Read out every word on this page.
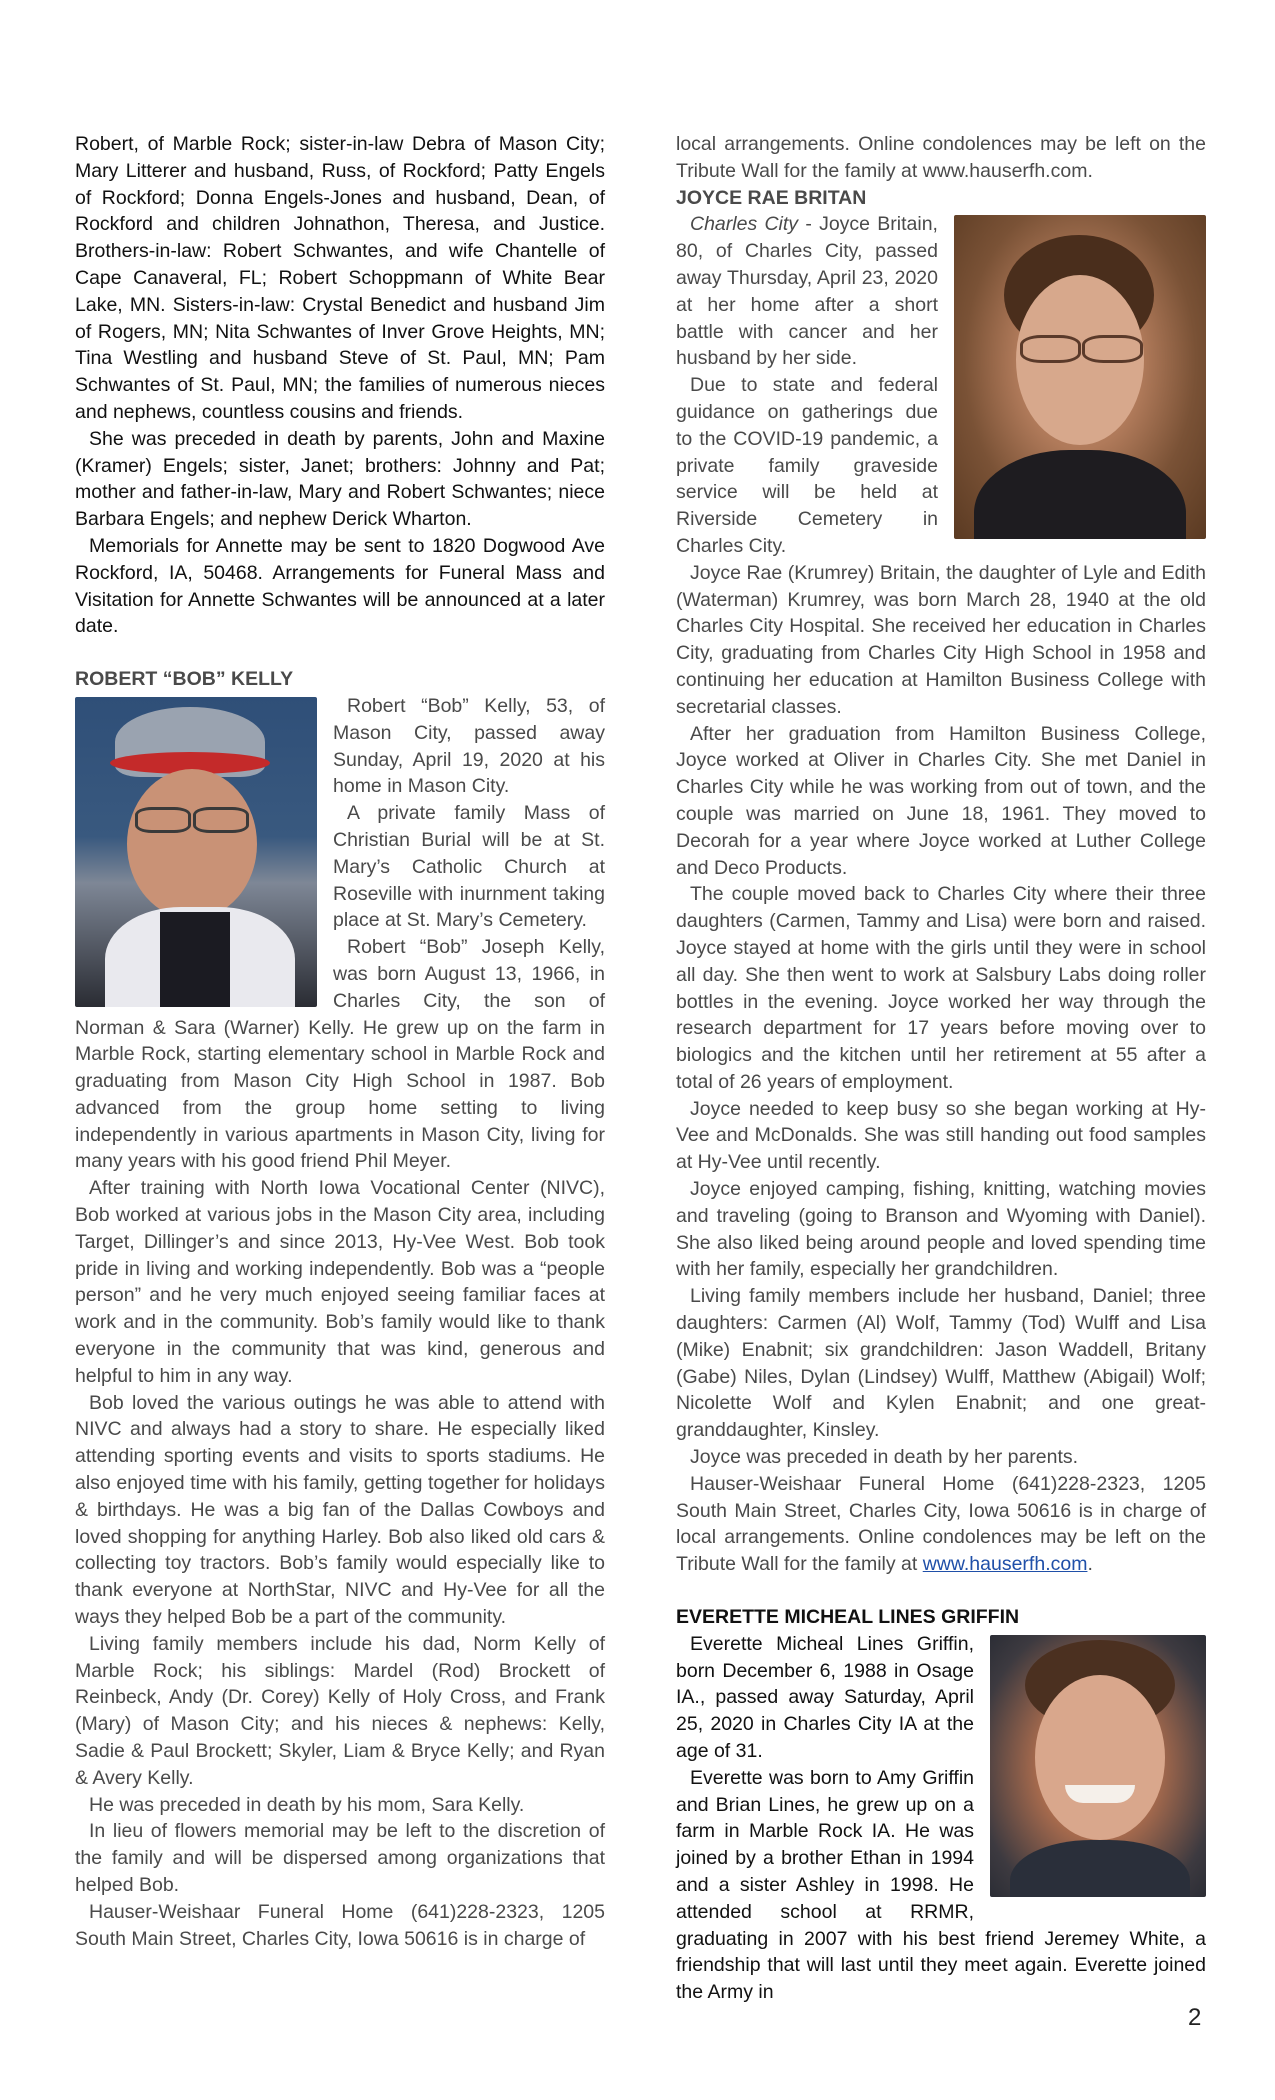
Robert, of Marble Rock; sister-in-law Debra of Mason City; Mary Litterer and husband, Russ, of Rockford; Patty Engels of Rockford; Donna Engels-Jones and husband, Dean, of Rockford and children Johnathon, Theresa, and Justice. Brothers-in-law: Robert Schwantes, and wife Chantelle of Cape Canaveral, FL; Robert Schoppmann of White Bear Lake, MN. Sisters-in-law: Crystal Benedict and husband Jim of Rogers, MN; Nita Schwantes of Inver Grove Heights, MN; Tina Westling and husband Steve of St. Paul, MN; Pam Schwantes of St. Paul, MN; the families of numerous nieces and nephews, countless cousins and friends.

She was preceded in death by parents, John and Maxine (Kramer) Engels; sister, Janet; brothers: Johnny and Pat; mother and father-in-law, Mary and Robert Schwantes; niece Barbara Engels; and nephew Derick Wharton.

Memorials for Annette may be sent to 1820 Dogwood Ave Rockford, IA, 50468. Arrangements for Funeral Mass and Visitation for Annette Schwantes will be announced at a later date.

ROBERT “BOB” KELLY

Robert “Bob” Kelly, 53, of Mason City, passed away Sunday, April 19, 2020 at his home in Mason City.

A private family Mass of Christian Burial will be at St. Mary’s Catholic Church at Roseville with inurnment taking place at St. Mary’s Cemetery.

Robert “Bob” Joseph Kelly, was born August 13, 1966, in Charles City, the son of Norman & Sara (Warner) Kelly. He grew up on the farm in Marble Rock, starting elementary school in Marble Rock and graduating from Mason City High School in 1987. Bob advanced from the group home setting to living independently in various apartments in Mason City, living for many years with his good friend Phil Meyer.

After training with North Iowa Vocational Center (NIVC), Bob worked at various jobs in the Mason City area, including Target, Dillinger’s and since 2013, Hy-Vee West. Bob took pride in living and working independently. Bob was a “people person” and he very much enjoyed seeing familiar faces at work and in the community. Bob’s family would like to thank everyone in the community that was kind, generous and helpful to him in any way.

Bob loved the various outings he was able to attend with NIVC and always had a story to share. He especially liked attending sporting events and visits to sports stadiums. He also enjoyed time with his family, getting together for holidays & birthdays. He was a big fan of the Dallas Cowboys and loved shopping for anything Harley. Bob also liked old cars & collecting toy tractors. Bob’s family would especially like to thank everyone at NorthStar, NIVC and Hy-Vee for all the ways they helped Bob be a part of the community.

Living family members include his dad, Norm Kelly of Marble Rock; his siblings: Mardel (Rod) Brockett of Reinbeck, Andy (Dr. Corey) Kelly of Holy Cross, and Frank (Mary) of Mason City; and his nieces & nephews: Kelly, Sadie & Paul Brockett; Skyler, Liam & Bryce Kelly; and Ryan & Avery Kelly.

He was preceded in death by his mom, Sara Kelly.

In lieu of flowers memorial may be left to the discretion of the family and will be dispersed among organizations that helped Bob.

Hauser-Weishaar Funeral Home (641)228-2323, 1205 South Main Street, Charles City, Iowa 50616 is in charge of

local arrangements. Online condolences may be left on the Tribute Wall for the family at www.hauserfh.com.

JOYCE RAE BRITAN

Charles City - Joyce Britain, 80, of Charles City, passed away Thursday, April 23, 2020 at her home after a short battle with cancer and her husband by her side.

Due to state and federal guidance on gatherings due to the COVID-19 pandemic, a private family graveside service will be held at Riverside Cemetery in Charles City.

Joyce Rae (Krumrey) Britain, the daughter of Lyle and Edith (Waterman) Krumrey, was born March 28, 1940 at the old Charles City Hospital. She received her education in Charles City, graduating from Charles City High School in 1958 and continuing her education at Hamilton Business College with secretarial classes.

After her graduation from Hamilton Business College, Joyce worked at Oliver in Charles City. She met Daniel in Charles City while he was working from out of town, and the couple was married on June 18, 1961. They moved to Decorah for a year where Joyce worked at Luther College and Deco Products.

The couple moved back to Charles City where their three daughters (Carmen, Tammy and Lisa) were born and raised. Joyce stayed at home with the girls until they were in school all day. She then went to work at Salsbury Labs doing roller bottles in the evening. Joyce worked her way through the research department for 17 years before moving over to biologics and the kitchen until her retirement at 55 after a total of 26 years of employment.

Joyce needed to keep busy so she began working at Hy-Vee and McDonalds. She was still handing out food samples at Hy-Vee until recently.

Joyce enjoyed camping, fishing, knitting, watching movies and traveling (going to Branson and Wyoming with Daniel). She also liked being around people and loved spending time with her family, especially her grandchildren.

Living family members include her husband, Daniel; three daughters: Carmen (Al) Wolf, Tammy (Tod) Wulff and Lisa (Mike) Enabnit; six grandchildren: Jason Waddell, Britany (Gabe) Niles, Dylan (Lindsey) Wulff, Matthew (Abigail) Wolf; Nicolette Wolf and Kylen Enabnit; and one great-granddaughter, Kinsley.

Joyce was preceded in death by her parents.

Hauser-Weishaar Funeral Home (641)228-2323, 1205 South Main Street, Charles City, Iowa 50616 is in charge of local arrangements. Online condolences may be left on the Tribute Wall for the family at www.hauserfh.com.

EVERETTE MICHEAL LINES GRIFFIN

Everette Micheal Lines Griffin, born December 6, 1988 in Osage IA., passed away Saturday, April 25, 2020 in Charles City IA at the age of 31.

Everette was born to Amy Griffin and Brian Lines, he grew up on a farm in Marble Rock IA. He was joined by a brother Ethan in 1994 and a sister Ashley in 1998. He attended school at RRMR, graduating in 2007 with his best friend Jeremey White, a friendship that will last until they meet again. Everette joined the Army in

2
